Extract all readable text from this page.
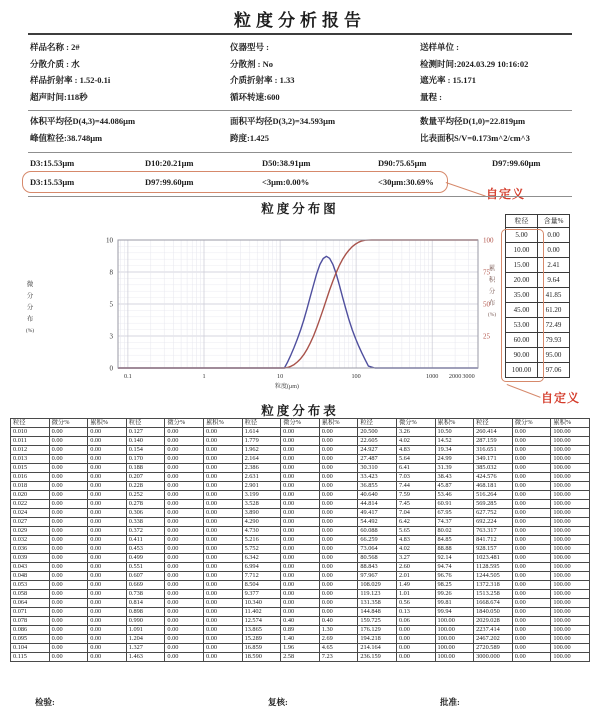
粒度分析报告
样品名称 : 2#	仪器型号 :	送样单位 :
分散介质 : 水	分散剂 : No	检测时间:2024.03.29 10:16:02
样品折射率 : 1.52-0.1i	介质折射率 : 1.33	遮光率 : 15.171
超声时间:118秒	循环转速:600	量程 :
体积平均径D(4,3)=44.086μm	面积平均径D(3,2)=34.593μm	数量平均径D(1,0)=22.819μm
峰值粒径:38.748μm	跨度:1.425	比表面积S/V=0.173m^2/cm^3
D3:15.53μm	D10:20.21μm	D50:38.91μm	D90:75.65μm	D97:99.60μm
D3:15.53μm	D97:99.60μm	<3μm:0.00%	<30μm:30.69%
自定义
粒度分布图
10
8
5
3
0
100
75
50
25
0.1	1	10	100	1000 2000 3000
粒度(μm)
微
分
分
布
(%)
累
积
分
布
(%)
粒径	含量%
5.00	0.00
10.00	0.00
15.00	2.41
20.00	9.64
35.00	41.85
45.00	61.20
53.00	72.49
60.00	79.93
90.00	95.00
100.00	97.06
自定义
粒度分布表
粒径	微分%	累积%	粒径	微分%	累积%	粒径	微分%	累积%	粒径	微分%	累积%	粒径	微分%	累积%
0.010	0.00	0.00	0.127	0.00	0.00	1.614	0.00	0.00	20.500	3.26	10.50	260.414	0.00	100.00
0.011	0.00	0.00	0.140	0.00	0.00	1.779	0.00	0.00	22.605	4.02	14.52	287.159	0.00	100.00
0.012	0.00	0.00	0.154	0.00	0.00	1.962	0.00	0.00	24.927	4.83	19.34	316.651	0.00	100.00
0.013	0.00	0.00	0.170	0.00	0.00	2.164	0.00	0.00	27.487	5.64	24.99	349.171	0.00	100.00
0.015	0.00	0.00	0.188	0.00	0.00	2.386	0.00	0.00	30.310	6.41	31.39	385.032	0.00	100.00
0.016	0.00	0.00	0.207	0.00	0.00	2.631	0.00	0.00	33.423	7.03	38.43	424.576	0.00	100.00
0.018	0.00	0.00	0.228	0.00	0.00	2.901	0.00	0.00	36.855	7.44	45.87	468.181	0.00	100.00
0.020	0.00	0.00	0.252	0.00	0.00	3.199	0.00	0.00	40.640	7.59	53.46	516.264	0.00	100.00
0.022	0.00	0.00	0.278	0.00	0.00	3.528	0.00	0.00	44.814	7.45	60.91	569.285	0.00	100.00
0.024	0.00	0.00	0.306	0.00	0.00	3.890	0.00	0.00	49.417	7.04	67.95	627.752	0.00	100.00
0.027	0.00	0.00	0.338	0.00	0.00	4.290	0.00	0.00	54.492	6.42	74.37	692.224	0.00	100.00
0.029	0.00	0.00	0.372	0.00	0.00	4.730	0.00	0.00	60.088	5.65	80.02	763.317	0.00	100.00
0.032	0.00	0.00	0.411	0.00	0.00	5.216	0.00	0.00	66.259	4.83	84.85	841.712	0.00	100.00
0.036	0.00	0.00	0.453	0.00	0.00	5.752	0.00	0.00	73.064	4.02	88.88	928.157	0.00	100.00
0.039	0.00	0.00	0.499	0.00	0.00	6.342	0.00	0.00	80.568	3.27	92.14	1023.481	0.00	100.00
0.043	0.00	0.00	0.551	0.00	0.00	6.994	0.00	0.00	88.843	2.60	94.74	1128.595	0.00	100.00
0.048	0.00	0.00	0.607	0.00	0.00	7.712	0.00	0.00	97.967	2.01	96.76	1244.505	0.00	100.00
0.053	0.00	0.00	0.669	0.00	0.00	8.504	0.00	0.00	108.029	1.49	98.25	1372.318	0.00	100.00
0.058	0.00	0.00	0.738	0.00	0.00	9.377	0.00	0.00	119.123	1.01	99.26	1513.258	0.00	100.00
0.064	0.00	0.00	0.814	0.00	0.00	10.340	0.00	0.00	131.358	0.56	99.81	1668.674	0.00	100.00
0.071	0.00	0.00	0.898	0.00	0.00	11.402	0.00	0.00	144.848	0.13	99.94	1840.050	0.00	100.00
0.078	0.00	0.00	0.990	0.00	0.00	12.574	0.40	0.40	159.725	0.06	100.00	2029.028	0.00	100.00
0.086	0.00	0.00	1.091	0.00	0.00	13.865	0.89	1.30	176.129	0.00	100.00	2237.414	0.00	100.00
0.095	0.00	0.00	1.204	0.00	0.00	15.289	1.40	2.69	194.218	0.00	100.00	2467.202	0.00	100.00
0.104	0.00	0.00	1.327	0.00	0.00	16.859	1.96	4.65	214.164	0.00	100.00	2720.589	0.00	100.00
0.115	0.00	0.00	1.463	0.00	0.00	18.590	2.58	7.23	236.159	0.00	100.00	3000.000	0.00	100.00
检验:	复核:	批准:
